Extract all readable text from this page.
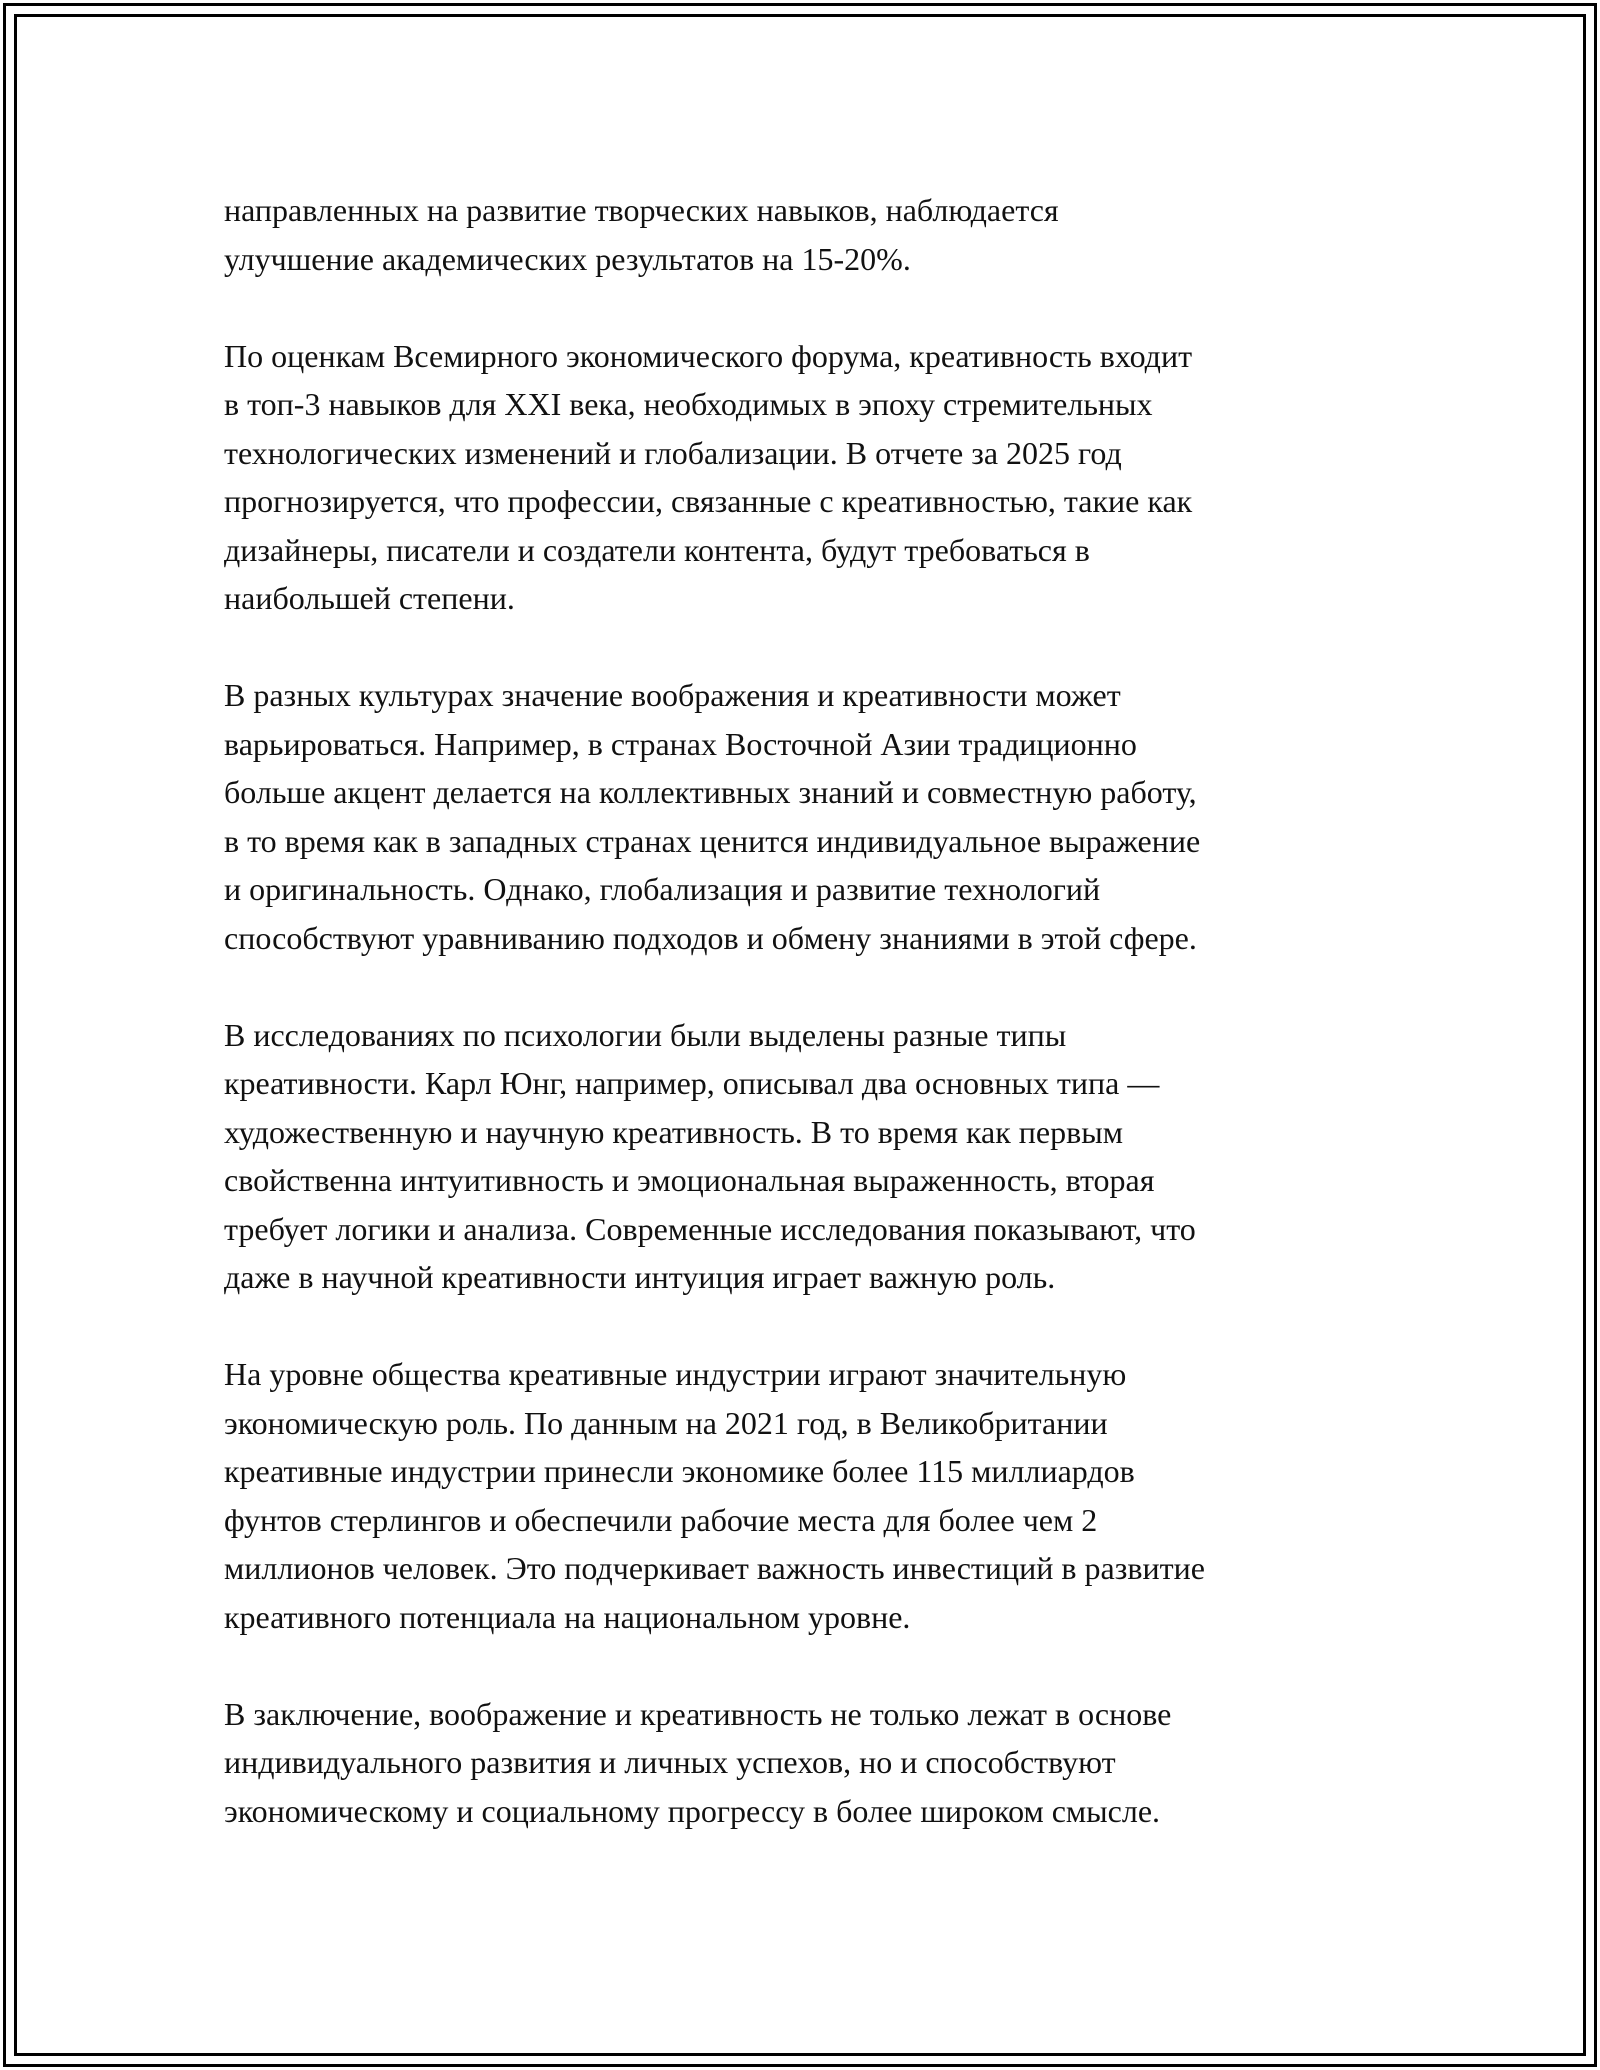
направленных на развитие творческих навыков, наблюдается
улучшение академических результатов на 15-20%.

По оценкам Всемирного экономического форума, креативность входит
в топ-3 навыков для XXI века, необходимых в эпоху стремительных
технологических изменений и глобализации. В отчете за 2025 год
прогнозируется, что профессии, связанные с креативностью, такие как
дизайнеры, писатели и создатели контента, будут требоваться в
наибольшей степени.

В разных культурах значение воображения и креативности может
варьироваться. Например, в странах Восточной Азии традиционно
больше акцент делается на коллективных знаний и совместную работу,
в то время как в западных странах ценится индивидуальное выражение
и оригинальность. Однако, глобализация и развитие технологий
способствуют уравниванию подходов и обмену знаниями в этой сфере.

В исследованиях по психологии были выделены разные типы
креативности. Карл Юнг, например, описывал два основных типа —
художественную и научную креативность. В то время как первым
свойственна интуитивность и эмоциональная выраженность, вторая
требует логики и анализа. Современные исследования показывают, что
даже в научной креативности интуиция играет важную роль.

На уровне общества креативные индустрии играют значительную
экономическую роль. По данным на 2021 год, в Великобритании
креативные индустрии принесли экономике более 115 миллиардов
фунтов стерлингов и обеспечили рабочие места для более чем 2
миллионов человек. Это подчеркивает важность инвестиций в развитие
креативного потенциала на национальном уровне.

В заключение, воображение и креативность не только лежат в основе
индивидуального развития и личных успехов, но и способствуют
экономическому и социальному прогрессу в более широком смысле.
